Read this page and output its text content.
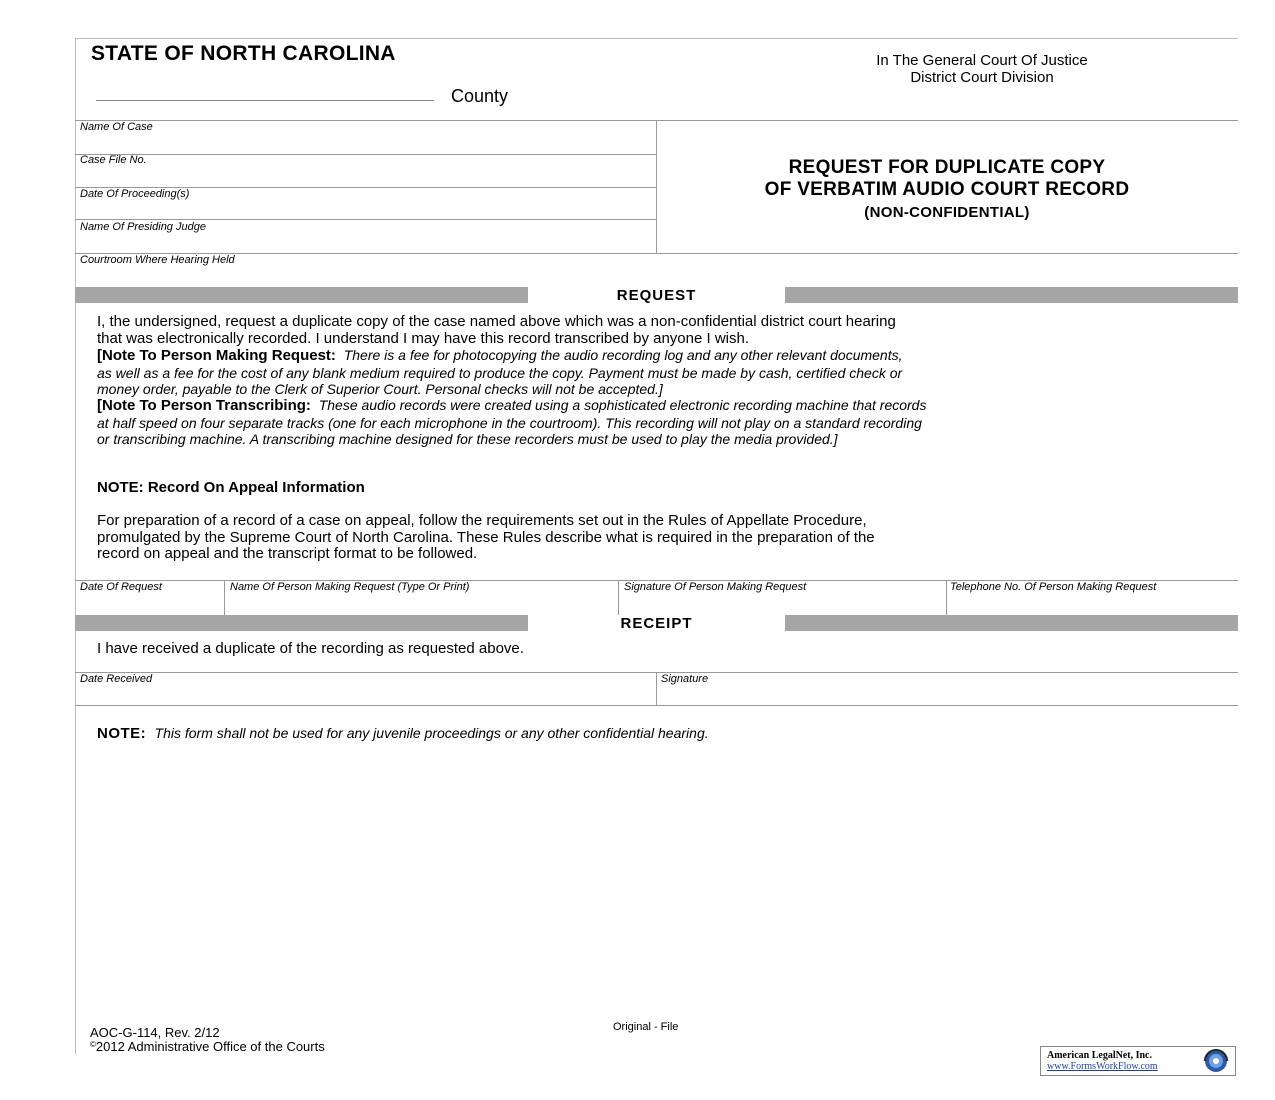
STATE OF NORTH CAROLINA
County
In The General Court Of Justice
District Court Division
Name Of Case
Case File No.
Date Of Proceeding(s)
Name Of Presiding Judge
Courtroom Where Hearing Held
REQUEST FOR DUPLICATE COPY
OF VERBATIM AUDIO COURT RECORD
(NON-CONFIDENTIAL)
REQUEST
I, the undersigned, request a duplicate copy of the case named above which was a non-confidential district court hearing
that was electronically recorded. I understand I may have this record transcribed by anyone I wish.
[Note To Person Making Request: There is a fee for photocopying the audio recording log and any other relevant documents,
as well as a fee for the cost of any blank medium required to produce the copy. Payment must be made by cash, certified check or
money order, payable to the Clerk of Superior Court. Personal checks will not be accepted.]
[Note To Person Transcribing: These audio records were created using a sophisticated electronic recording machine that records
at half speed on four separate tracks (one for each microphone in the courtroom). This recording will not play on a standard recording
or transcribing machine. A transcribing machine designed for these recorders must be used to play the media provided.]
NOTE: Record On Appeal Information
For preparation of a record of a case on appeal, follow the requirements set out in the Rules of Appellate Procedure,
promulgated by the Supreme Court of North Carolina. These Rules describe what is required in the preparation of the
record on appeal and the transcript format to be followed.
Date Of Request	Name Of Person Making Request (Type Or Print)	Signature Of Person Making Request	Telephone No. Of Person Making Request
RECEIPT
I have received a duplicate of the recording as requested above.
Date Received	Signature
NOTE: This form shall not be used for any juvenile proceedings or any other confidential hearing.
AOC-G-114, Rev. 2/12
©2012 Administrative Office of the Courts
Original - File
American LegalNet, Inc.
www.FormsWorkFlow.com
